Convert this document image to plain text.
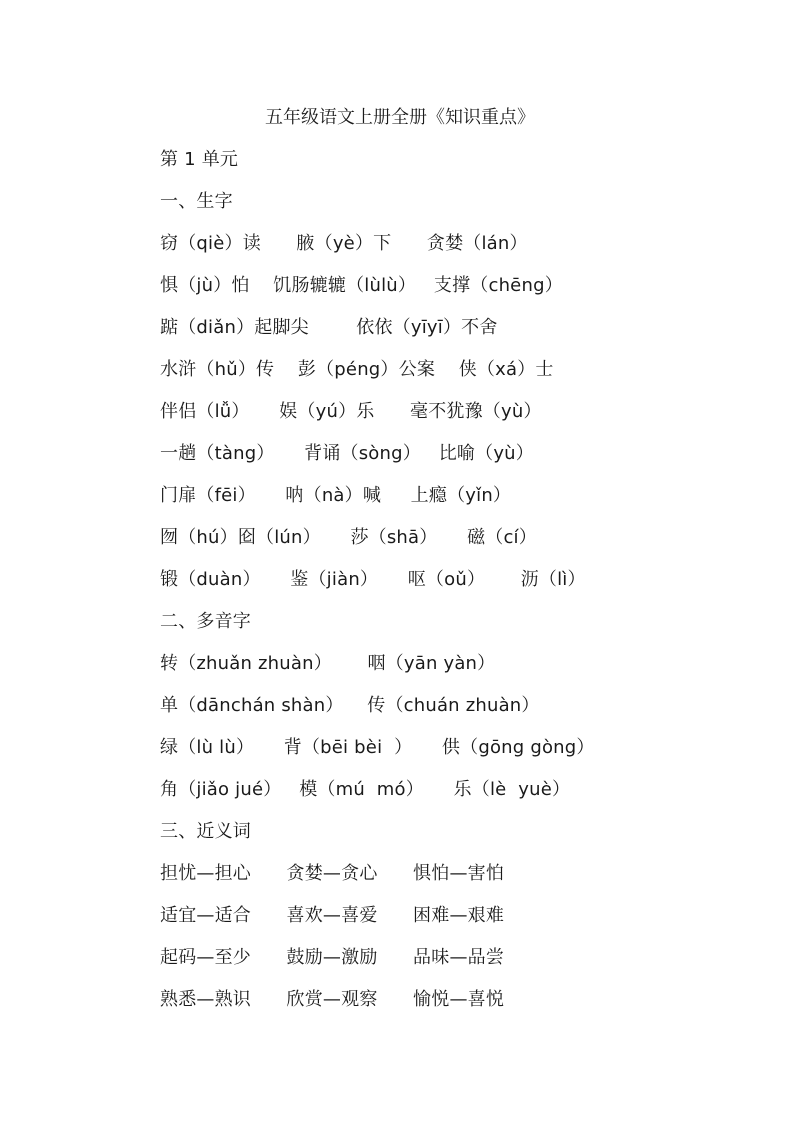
五年级语文上册全册《知识重点》
第 1 单元
一、生字
窃（qiè）读      腋（yè）下      贪婪（lán）
惧（jù）怕    饥肠辘辘（lùlù）   支撑（chēng）
踮（diǎn）起脚尖        依依（yīyī）不舍
水浒（hǔ）传    彭（péng）公案    侠（xá）士
伴侣（lǚ）     娱（yú）乐      毫不犹豫（yù）
一趟（tàng）     背诵（sòng）   比喻（yù）
门扉（fēi）     呐（nà）喊     上瘾（yǐn）
囫（hú）囵（lún）     莎（shā）     磁（cí）
锻（duàn）     鉴（jiàn）     呕（oǔ）      沥（lì）
二、多音字
转（zhuǎn zhuàn）      咽（yān yàn）
单（dānchán shàn）    传（chuán zhuàn）
绿（lù lù）     背（bēi bèi  ）     供（gōng gòng）
角（jiǎo jué）   模（mú  mó）     乐（lè  yuè）
三、近义词
担忧—担心      贪婪—贪心      惧怕—害怕
适宜—适合      喜欢—喜爱      困难—艰难
起码—至少      鼓励—激励      品味—品尝
熟悉—熟识      欣赏—观察      愉悦—喜悦
